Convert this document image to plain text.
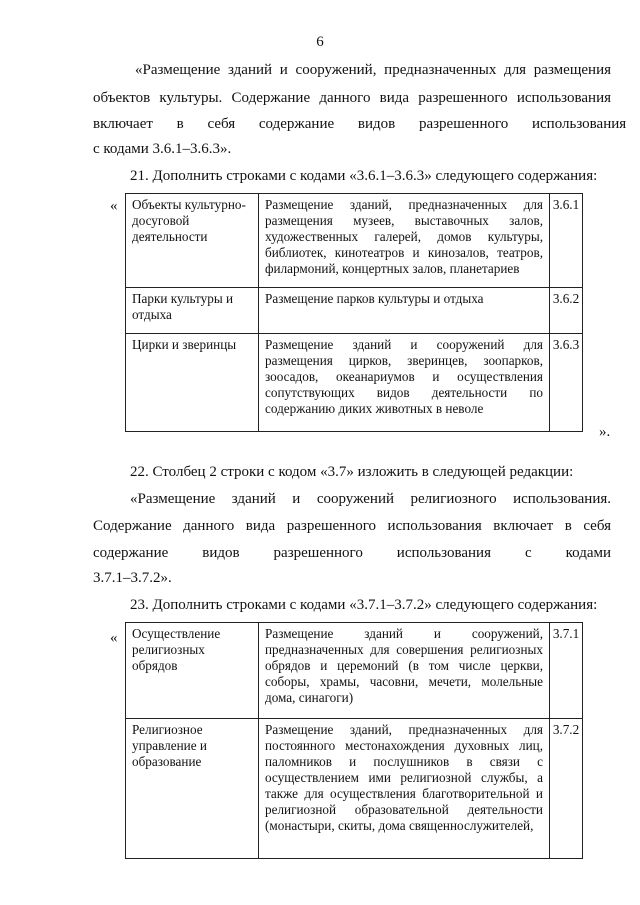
6
«Размещение зданий и сооружений, предназначенных для размещения
объектов культуры. Содержание данного вида разрешенного использования
включает в себя содержание видов разрешенного использования
с кодами 3.6.1–3.6.3».
21. Дополнить строками с кодами «3.6.1–3.6.3» следующего содержания:
« Объекты культурно-досуговой деятельности	Размещение зданий, предназначенных для размещения музеев, выставочных залов, художественных галерей, домов культуры, библиотек, кинотеатров и кинозалов, театров, филармоний, концертных залов, планетариев	3.6.1
Парки культуры и отдыха	Размещение парков культуры и отдыха	3.6.2
Цирки и зверинцы	Размещение зданий и сооружений для размещения цирков, зверинцев, зоопарков, зоосадов, океанариумов и осуществления сопутствующих видов деятельности по содержанию диких животных в неволе	3.6.3
».
22. Столбец 2 строки с кодом «3.7» изложить в следующей редакции:
«Размещение зданий и сооружений религиозного использования.
Содержание данного вида разрешенного использования включает в себя
содержание видов разрешенного использования с кодами
3.7.1–3.7.2».
23. Дополнить строками с кодами «3.7.1–3.7.2» следующего содержания:
« Осуществление религиозных обрядов	Размещение зданий и сооружений, предназначенных для совершения религиозных обрядов и церемоний (в том числе церкви, соборы, храмы, часовни, мечети, молельные дома, синагоги)	3.7.1
Религиозное управление и образование	Размещение зданий, предназначенных для постоянного местонахождения духовных лиц, паломников и послушников в связи с осуществлением ими религиозной службы, а также для осуществления благотворительной и религиозной образовательной деятельности (монастыри, скиты, дома священнослужителей,	3.7.2
